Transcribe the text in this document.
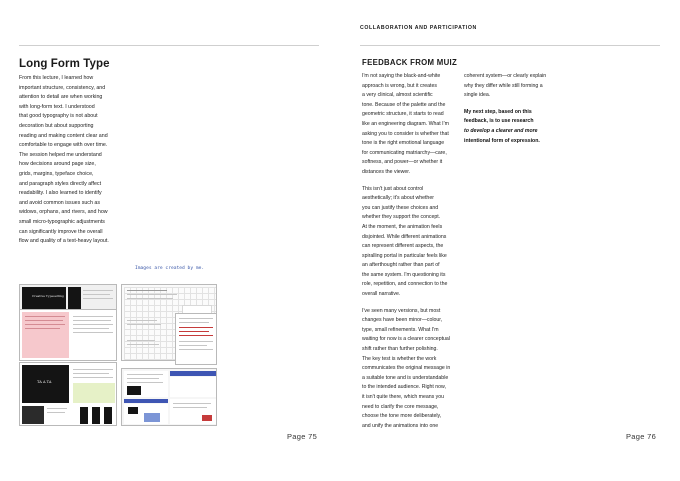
Long Form Type
From this lecture, I learned how
important structure, consistency, and
attention to detail are when working
with long-form text. I understood
that good typography is not about
decoration but about supporting
reading and making content clear and
comfortable to engage with over time.
The session helped me understand
how decisions around page size,
grids, margins, typeface choice,
and paragraph styles directly affect
readability. I also learned to identify
and avoid common issues such as
widows, orphans, and rivers, and how
small micro-typographic adjustments
can significantly improve the overall
flow and quality of a text-heavy layout.
Images are created by me.
Creative Typesetting
TA A TA
Page 75
COLLABORATION AND PARTICIPATION
FEEDBACK FROM MUIZ

I'm not saying the black-and-white
approach is wrong, but it creates
a very clinical, almost scientific
tone. Because of the palette and the
geometric structure, it starts to read
like an engineering diagram. What I'm
asking you to consider is whether that
tone is the right emotional language
for communicating matriarchy—care,
softness, and power—or whether it
distances the viewer.

This isn't just about control
aesthetically; it's about whether
you can justify these choices and
whether they support the concept.
At the moment, the animation feels
disjointed. While different animations
can represent different aspects, the
spiralling portal in particular feels like
an afterthought rather than part of
the same system. I'm questioning its
role, repetition, and connection to the
overall narrative.

I've seen many versions, but most
changes have been minor—colour,
type, small refinements. What I'm
waiting for now is a clearer conceptual
shift rather than further polishing.
The key test is whether the work
communicates the original message in
a suitable tone and is understandable
to the intended audience. Right now,
it isn't quite there, which means you
need to clarify the core message,
choose the tone more deliberately,
and unify the animations into one

coherent system—or clearly explain
why they differ while still forming a
single idea.

My next step, based on this
feedback, is to use research
to develop a clearer and more
intentional form of expression.

Page 76
